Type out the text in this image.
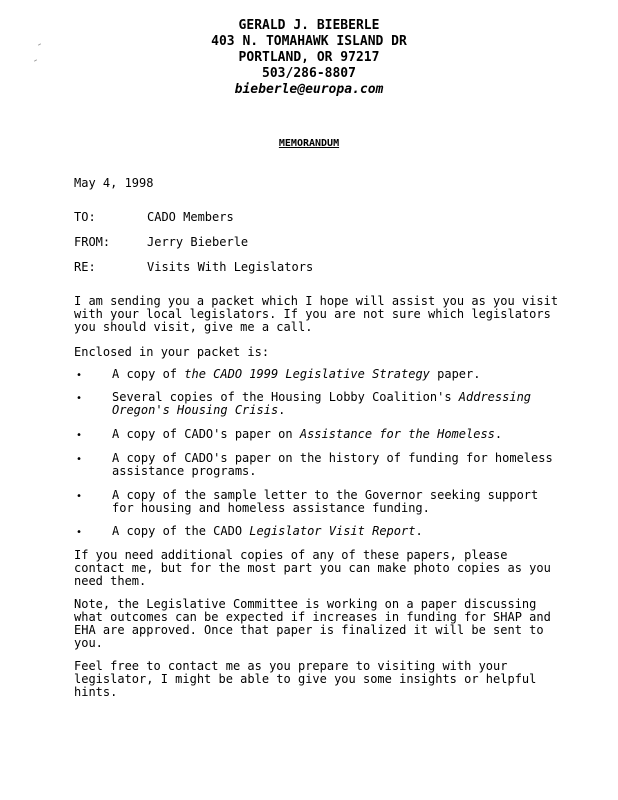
GERALD J. BIEBERLE
403 N. TOMAHAWK ISLAND DR
PORTLAND, OR 97217
503/286-8807
bieberle@europa.com
MEMORANDUM
May 4, 1998
TO:	CADO Members
FROM:	Jerry Bieberle
RE:	Visits With Legislators
I am sending you a packet which I hope will assist you as you visit
with your local legislators. If you are not sure which legislators
you should visit, give me a call.
Enclosed in your packet is:
• A copy of the CADO 1999 Legislative Strategy paper.
• Several copies of the Housing Lobby Coalition's Addressing
Oregon's Housing Crisis.
• A copy of CADO's paper on Assistance for the Homeless.
• A copy of CADO's paper on the history of funding for homeless
assistance programs.
• A copy of the sample letter to the Governor seeking support
for housing and homeless assistance funding.
• A copy of the CADO Legislator Visit Report.
If you need additional copies of any of these papers, please
contact me, but for the most part you can make photo copies as you
need them.
Note, the Legislative Committee is working on a paper discussing
what outcomes can be expected if increases in funding for SHAP and
EHA are approved. Once that paper is finalized it will be sent to
you.
Feel free to contact me as you prepare to visiting with your
legislator, I might be able to give you some insights or helpful
hints.
